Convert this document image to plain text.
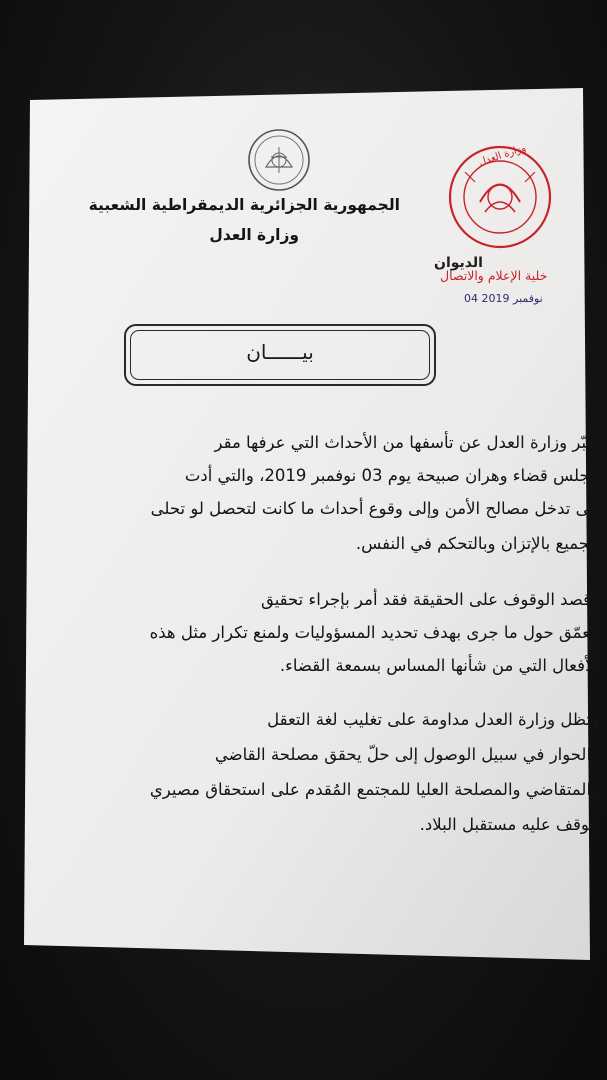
الجمهورية الجزائرية الديمقراطية الشعبية
وزارة العدل
وزارة العدل
الديوان
خلية الإعلام والاتصال
04 نوفمبر 2019
بيــــــان
تعبّر وزارة العدل عن تأسفها من الأحداث التي عرفها مقر
مجلس قضاء وهران صبيحة يوم 03 نوفمبر 2019، والتي أدت
إلى تدخل مصالح الأمن وإلى وقوع أحداث ما كانت لتحصل لو تحلى
الجميع بالإتزان وبالتحكم في النفس.
وقصد الوقوف على الحقيقة فقد أمر بإجراء تحقيق
معمّق حول ما جرى بهدف تحديد المسؤوليات ولمنع تكرار مثل هذه
الأفعال التي من شأنها المساس بسمعة القضاء.
وتظل وزارة العدل مداومة على تغليب لغة التعقل
والحوار في سبيل الوصول إلى حلّ يحقق مصلحة القاضي
والمتقاضي والمصلحة العليا للمجتمع المُقدم على استحقاق مصيري
يتوقف عليه مستقبل البلاد.
